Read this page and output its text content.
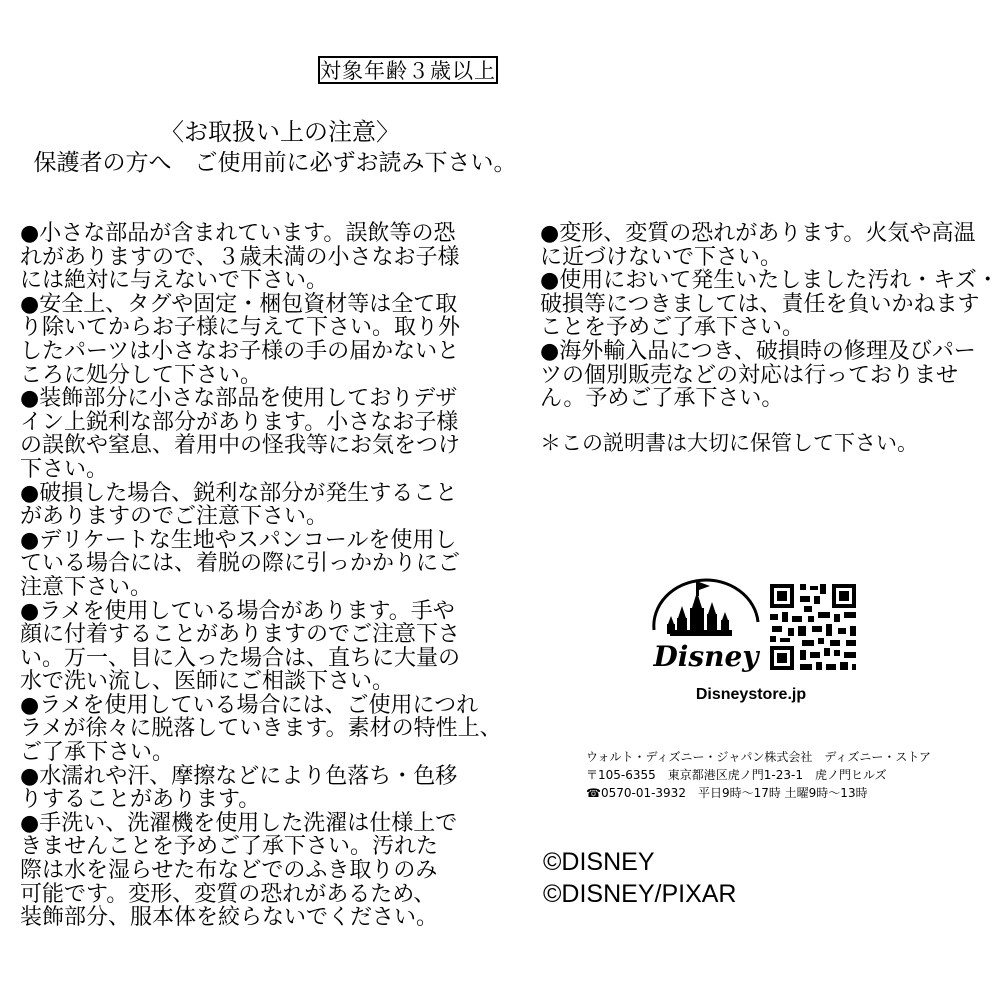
対象年齢３歳以上
〈お取扱い上の注意〉
保護者の方へ　ご使用前に必ずお読み下さい。

●小さな部品が含まれています。誤飲等の恐

れがありますので、３歳未満の小さなお子様

には絶対に与えないで下さい。

●安全上、タグや固定・梱包資材等は全て取

り除いてからお子様に与えて下さい。取り外

したパーツは小さなお子様の手の届かないと

ころに処分して下さい。

●装飾部分に小さな部品を使用しておりデザ

イン上鋭利な部分があります。小さなお子様

の誤飲や窒息、着用中の怪我等にお気をつけ

下さい。

●破損した場合、鋭利な部分が発生すること

がありますのでご注意下さい。

●デリケートな生地やスパンコールを使用し

ている場合には、着脱の際に引っかかりにご

注意下さい。

●ラメを使用している場合があります。手や

顔に付着することがありますのでご注意下さ

い。万一、目に入った場合は、直ちに大量の

水で洗い流し、医師にご相談下さい。

●ラメを使用している場合には、ご使用につれ

ラメが徐々に脱落していきます。素材の特性上、

ご了承下さい。

●水濡れや汗、摩擦などにより色落ち・色移

りすることがあります。

●手洗い、洗濯機を使用した洗濯は仕様上で

きませんことを予めご了承下さい。汚れた

際は水を湿らせた布などでのふき取りのみ

可能です。変形、変質の恐れがあるため、

装飾部分、服本体を絞らないでください。

●変形、変質の恐れがあります。火気や高温

に近づけないで下さい。

●使用において発生いたしました汚れ・キズ・

破損等につきましては、責任を負いかねます

ことを予めご了承下さい。

●海外輸入品につき、破損時の修理及びパー

ツの個別販売などの対応は行っておりませ

ん。予めご了承下さい。

＊この説明書は大切に保管して下さい。
Disney
Disneystore.jp

ウォルト・ディズニー・ジャパン株式会社　ディズニー・ストア

〒105-6355　東京都港区虎ノ門1-23-1　虎ノ門ヒルズ

☎0570-01-3932　平日9時〜17時 土曜9時〜13時

©DISNEY

©DISNEY/PIXAR
